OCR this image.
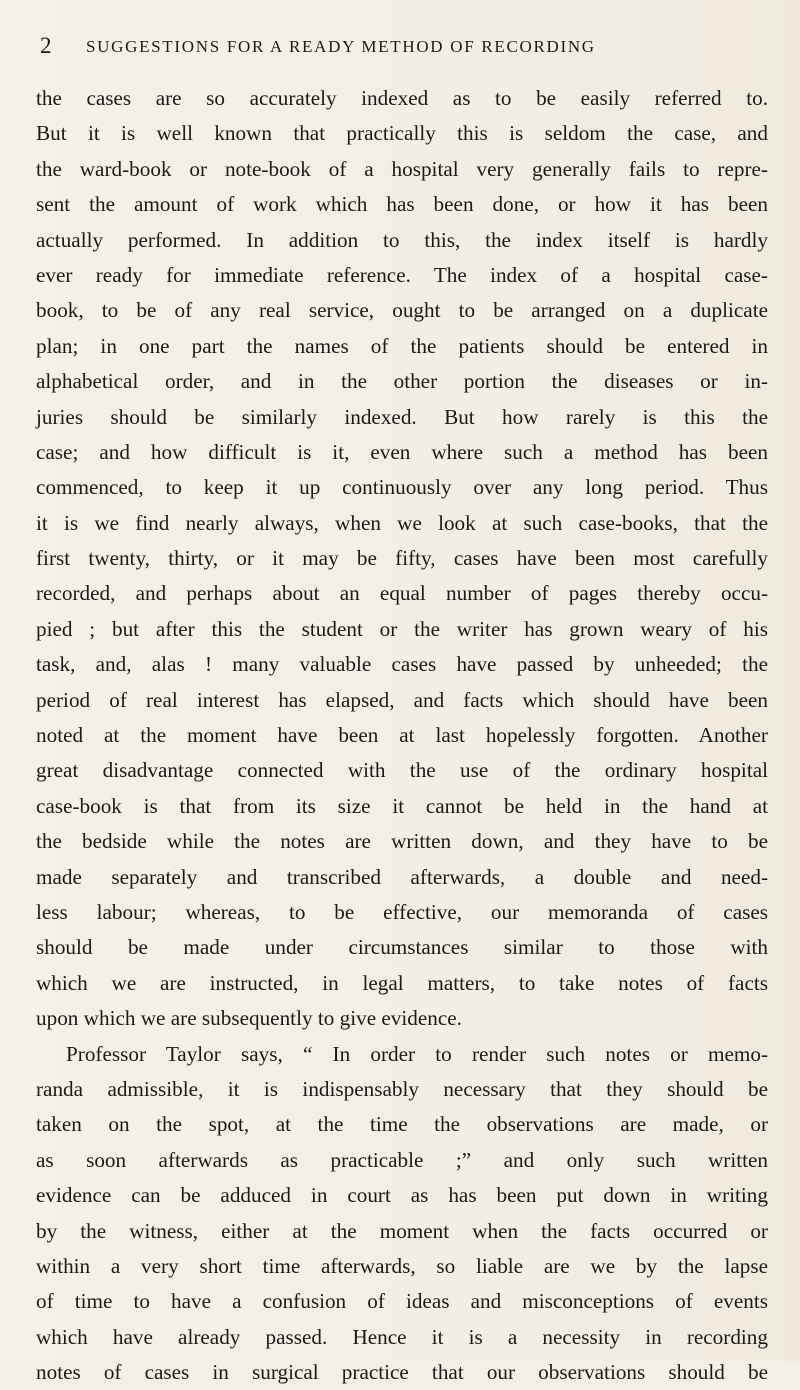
2 SUGGESTIONS FOR A READY METHOD OF RECORDING
the cases are so accurately indexed as to be easily referred to.
But it is well known that practically this is seldom the case, and
the ward-book or note-book of a hospital very generally fails to repre-
sent the amount of work which has been done, or how it has been
actually performed. In addition to this, the index itself is hardly
ever ready for immediate reference. The index of a hospital case-
book, to be of any real service, ought to be arranged on a duplicate
plan; in one part the names of the patients should be entered in
alphabetical order, and in the other portion the diseases or in-
juries should be similarly indexed. But how rarely is this the
case; and how difficult is it, even where such a method has been
commenced, to keep it up continuously over any long period. Thus
it is we find nearly always, when we look at such case-books, that the
first twenty, thirty, or it may be fifty, cases have been most carefully
recorded, and perhaps about an equal number of pages thereby occu-
pied ; but after this the student or the writer has grown weary of his
task, and, alas ! many valuable cases have passed by unheeded; the
period of real interest has elapsed, and facts which should have been
noted at the moment have been at last hopelessly forgotten. Another
great disadvantage connected with the use of the ordinary hospital
case-book is that from its size it cannot be held in the hand at
the bedside while the notes are written down, and they have to be
made separately and transcribed afterwards, a double and need-
less labour; whereas, to be effective, our memoranda of cases
should be made under circumstances similar to those with
which we are instructed, in legal matters, to take notes of facts
upon which we are subsequently to give evidence.
Professor Taylor says, “ In order to render such notes or memo-
randa admissible, it is indispensably necessary that they should be
taken on the spot, at the time the observations are made, or
as soon afterwards as practicable ;” and only such written
evidence can be adduced in court as has been put down in writing
by the witness, either at the moment when the facts occurred or
within a very short time afterwards, so liable are we by the lapse
of time to have a confusion of ideas and misconceptions of events
which have already passed. Hence it is a necessity in recording
notes of cases in surgical practice that our observations should be
